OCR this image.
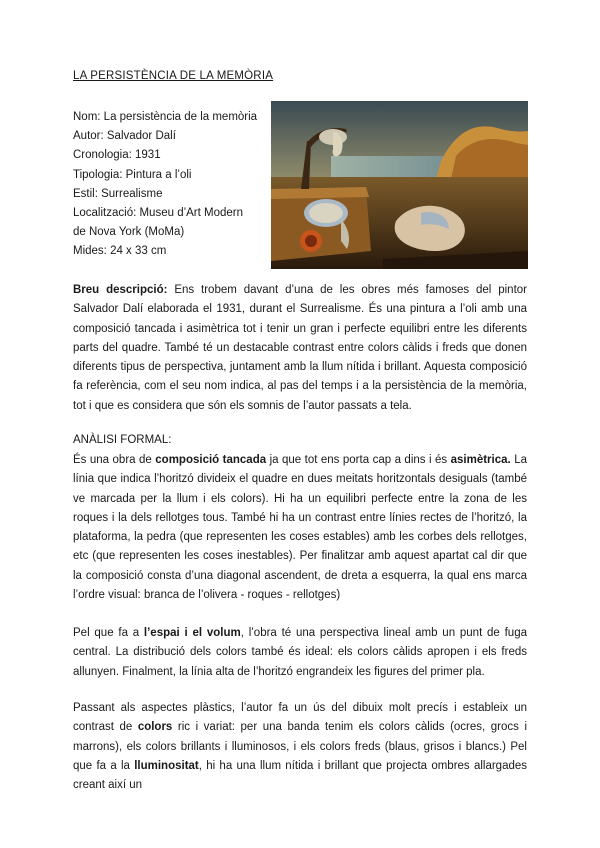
LA PERSISTÈNCIA DE LA MEMÒRIA
Nom: La persistència de la memòria
Autor: Salvador Dalí
Cronologia: 1931
Tipologia: Pintura a l’oli
Estil: Surrealisme
Localització: Museu d’Art Modern
de Nova York (MoMa)
Mides: 24 x 33 cm

Breu descripció: Ens trobem davant d’una de les obres més famoses del pintor Salvador Dalí elaborada el 1931, durant el Surrealisme. És una pintura a l’oli amb una composició tancada i asimètrica tot i tenir un gran i perfecte equilibri entre les diferents parts del quadre. També té un destacable contrast entre colors càlids i freds que donen diferents tipus de perspectiva, juntament amb la llum nítida i brillant. Aquesta composició fa referència, com el seu nom indica, al pas del temps i a la persistència de la memòria, tot i que es considera que són els somnis de l’autor passats a tela.

ANÀLISI FORMAL:

És una obra de composició tancada ja que tot ens porta cap a dins i és asimètrica. La línia que indica l’horitzó divideix el quadre en dues meitats horitzontals desiguals (també ve marcada per la llum i els colors). Hi ha un equilibri perfecte entre la zona de les roques i la dels rellotges tous. També hi ha un contrast entre línies rectes de l’horitzó, la plataforma, la pedra (que representen les coses estables) amb les corbes dels rellotges, etc (que representen les coses inestables). Per finalitzar amb aquest apartat cal dir que la composició consta d’una diagonal ascendent, de dreta a esquerra, la qual ens marca l’ordre visual: branca de l’olivera - roques - rellotges)

Pel que fa a l’espai i el volum, l’obra té una perspectiva lineal amb un punt de fuga central. La distribució dels colors també és ideal: els colors càlids apropen i els freds allunyen. Finalment, la línia alta de l’horitzó engrandeix les figures del primer pla.

Passant als aspectes plàstics, l’autor fa un ús del dibuix molt precís i estableix un contrast de colors ric i variat: per una banda tenim els colors càlids (ocres, grocs i marrons), els colors brillants i lluminosos, i els colors freds (blaus, grisos i blancs.) Pel que fa a la lluminositat, hi ha una llum nítida i brillant que projecta ombres allargades creant així un
